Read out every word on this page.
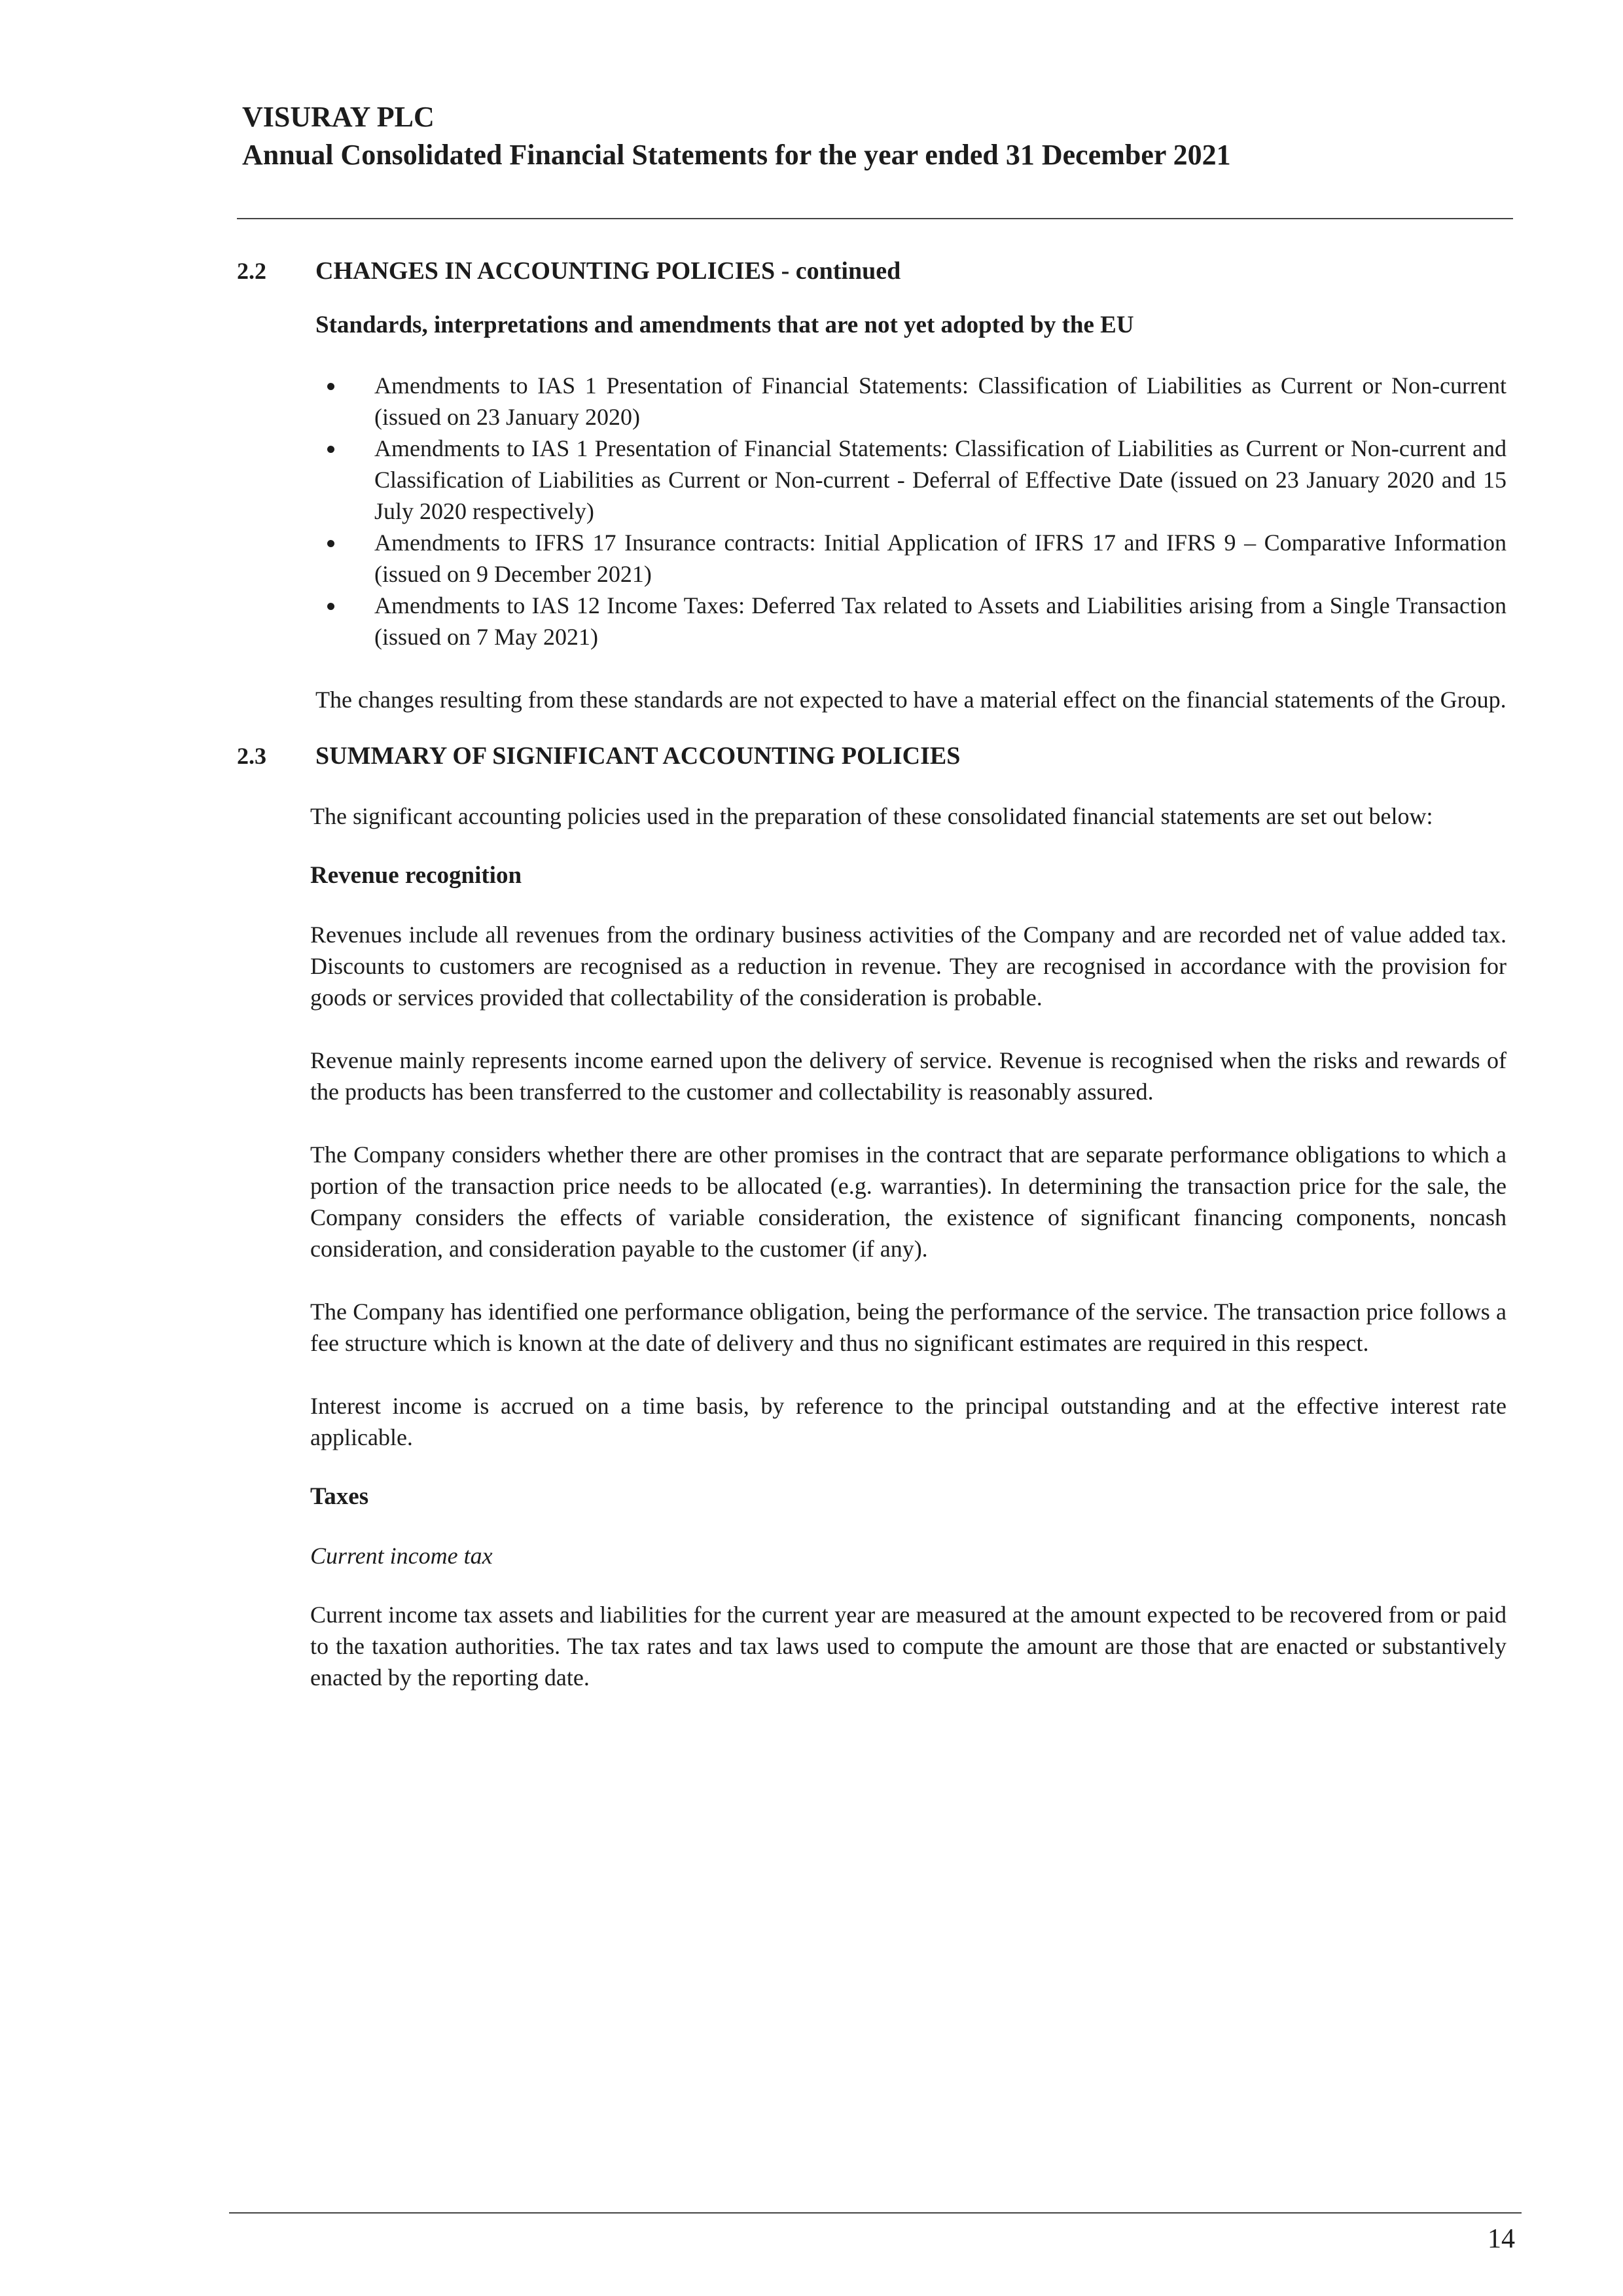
VISURAY PLC
Annual Consolidated Financial Statements for the year ended 31 December 2021
2.2	CHANGES IN ACCOUNTING POLICIES - continued
Standards, interpretations and amendments that are not yet adopted by the EU
Amendments to IAS 1 Presentation of Financial Statements: Classification of Liabilities as Current or Non-current (issued on 23 January 2020)
Amendments to IAS 1 Presentation of Financial Statements: Classification of Liabilities as Current or Non-current and Classification of Liabilities as Current or Non-current - Deferral of Effective Date (issued on 23 January 2020 and 15 July 2020 respectively)
Amendments to IFRS 17 Insurance contracts: Initial Application of IFRS 17 and IFRS 9 – Comparative Information (issued on 9 December 2021)
Amendments to IAS 12 Income Taxes: Deferred Tax related to Assets and Liabilities arising from a Single Transaction (issued on 7 May 2021)

The changes resulting from these standards are not expected to have a material effect on the financial statements of the Group.

2.3	SUMMARY OF SIGNIFICANT ACCOUNTING POLICIES

The significant accounting policies used in the preparation of these consolidated financial statements are set out below:

Revenue recognition

Revenues include all revenues from the ordinary business activities of the Company and are recorded net of value added tax. Discounts to customers are recognised as a reduction in revenue. They are recognised in accordance with the provision for goods or services provided that collectability of the consideration is probable.

Revenue mainly represents income earned upon the delivery of service. Revenue is recognised when the risks and rewards of the products has been transferred to the customer and collectability is reasonably assured.

The Company considers whether there are other promises in the contract that are separate performance obligations to which a portion of the transaction price needs to be allocated (e.g. warranties). In determining the transaction price for the sale, the Company considers the effects of variable consideration, the existence of significant financing components, noncash consideration, and consideration payable to the customer (if any).

The Company has identified one performance obligation, being the performance of the service. The transaction price follows a fee structure which is known at the date of delivery and thus no significant estimates are required in this respect.

Interest income is accrued on a time basis, by reference to the principal outstanding and at the effective interest rate applicable.

Taxes
Current income tax

Current income tax assets and liabilities for the current year are measured at the amount expected to be recovered from or paid to the taxation authorities. The tax rates and tax laws used to compute the amount are those that are enacted or substantively enacted by the reporting date.

14
